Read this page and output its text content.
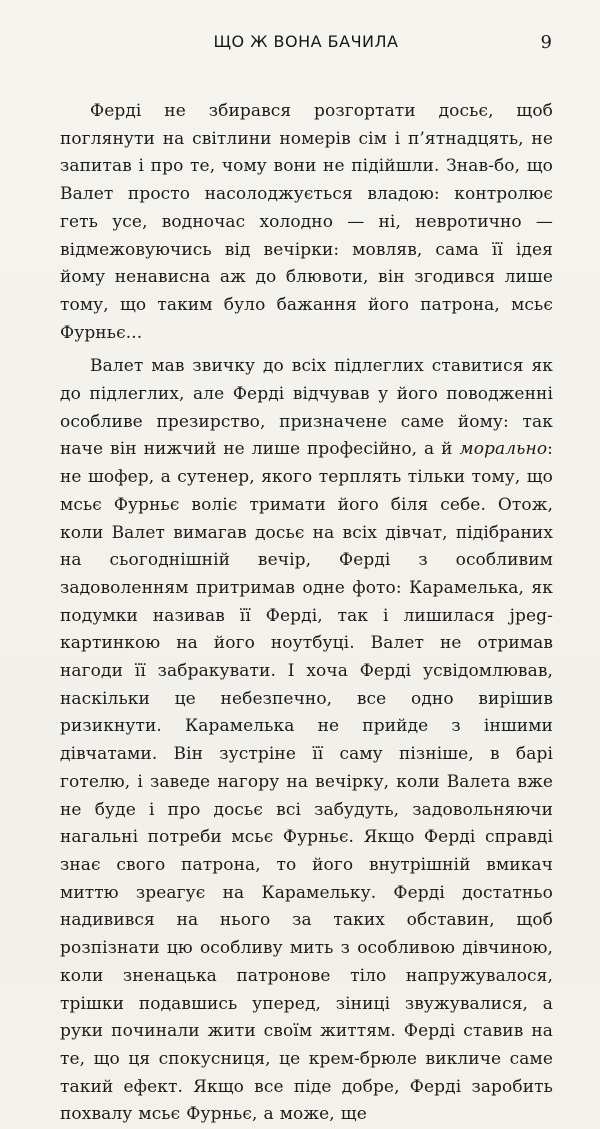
ЩО Ж ВОНА БАЧИЛА	9

Ферді не збирався розгортати досьє, щоб поглянути на світлини номерів сім і п’ятнадцять, не запитав і про те, чому вони не підійшли. Знав-бо, що Валет просто насолоджується владою: контролює геть усе, водночас холодно — ні, невротично — відмежовуючись від вечірки: мовляв, сама її ідея йому ненависна аж до блювоти, він згодився лише тому, що таким було бажання його патрона, мсьє Фурньє...

Валет мав звичку до всіх підлеглих ставитися як до підлеглих, але Ферді відчував у його поводженні особливе презирство, призначене саме йому: так наче він нижчий не лише професійно, а й морально: не шофер, а сутенер, якого терплять тільки тому, що мсьє Фурньє воліє тримати його біля себе. Отож, коли Валет вимагав досьє на всіх дівчат, підібраних на сьогоднішній вечір, Ферді з особливим задоволенням притримав одне фото: Карамелька, як подумки називав її Ферді, так і лишилася jpeg-картинкою на його ноутбуці. Валет не отримав нагоди її забракувати. І хоча Ферді усвідомлював, наскільки це небезпечно, все одно вирішив ризикнути. Карамелька не прийде з іншими дівчатами. Він зустріне її саму пізніше, в барі готелю, і заведе нагору на вечірку, коли Валета вже не буде і про досьє всі забудуть, задовольняючи нагальні потреби мсьє Фурньє. Якщо Ферді справді знає свого патрона, то його внутрішній вмикач миттю зреагує на Карамельку. Ферді достатньо надивився на нього за таких обставин, щоб розпізнати цю особливу мить з особливою дівчиною, коли зненацька патронове тіло напружувалося, трішки подавшись уперед, зіниці звужувалися, а руки починали жити своїм життям. Ферді ставив на те, що ця спокусниця, це крем-брюле викличе саме такий ефект. Якщо все піде добре, Ферді заробить похвалу мсьє Фурньє, а може, ще
